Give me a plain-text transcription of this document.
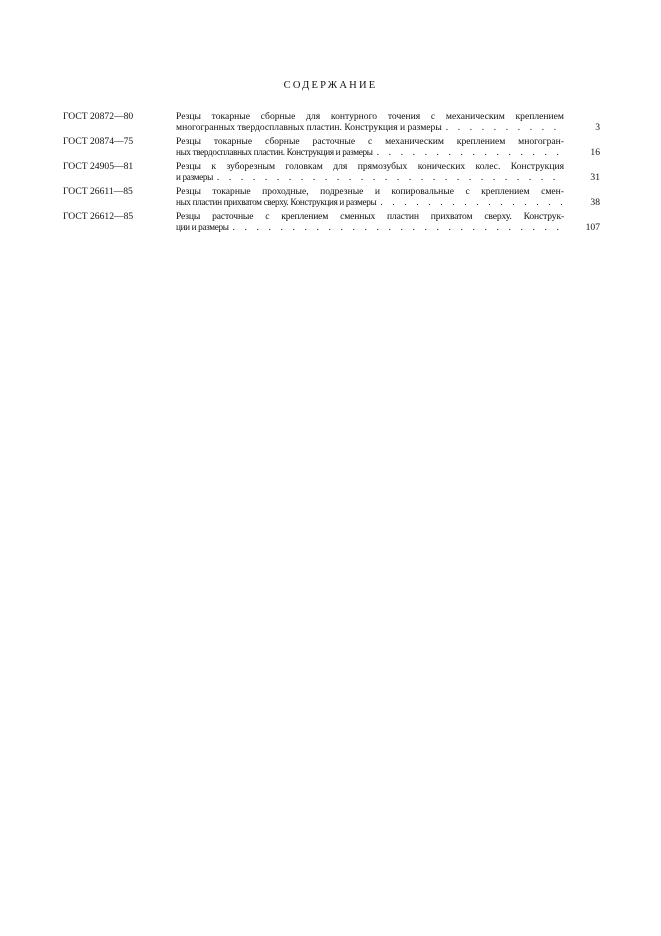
СОДЕРЖАНИЕ
ГОСТ 20872—80	Резцы токарные сборные для контурного точения с механическим креплением
многогранных твердосплавных пластин. Конструкция и размеры . . .	3
ГОСТ 20874—75	Резцы токарные сборные расточные с механическим креплением многогран-
ных твердосплавных пластин. Конструкция и размеры . . .	16
ГОСТ 24905—81	Резцы к зуборезным головкам для прямозубых конических колес. Конструкция
и размеры . . .	31
ГОСТ 26611—85	Резцы токарные проходные, подрезные и копировальные с креплением смен-
ных пластин прихватом сверху. Конструкция и размеры . . .	38
ГОСТ 26612—85	Резцы расточные с креплением сменных пластин прихватом сверху. Конструк-
ции и размеры . . .	107
